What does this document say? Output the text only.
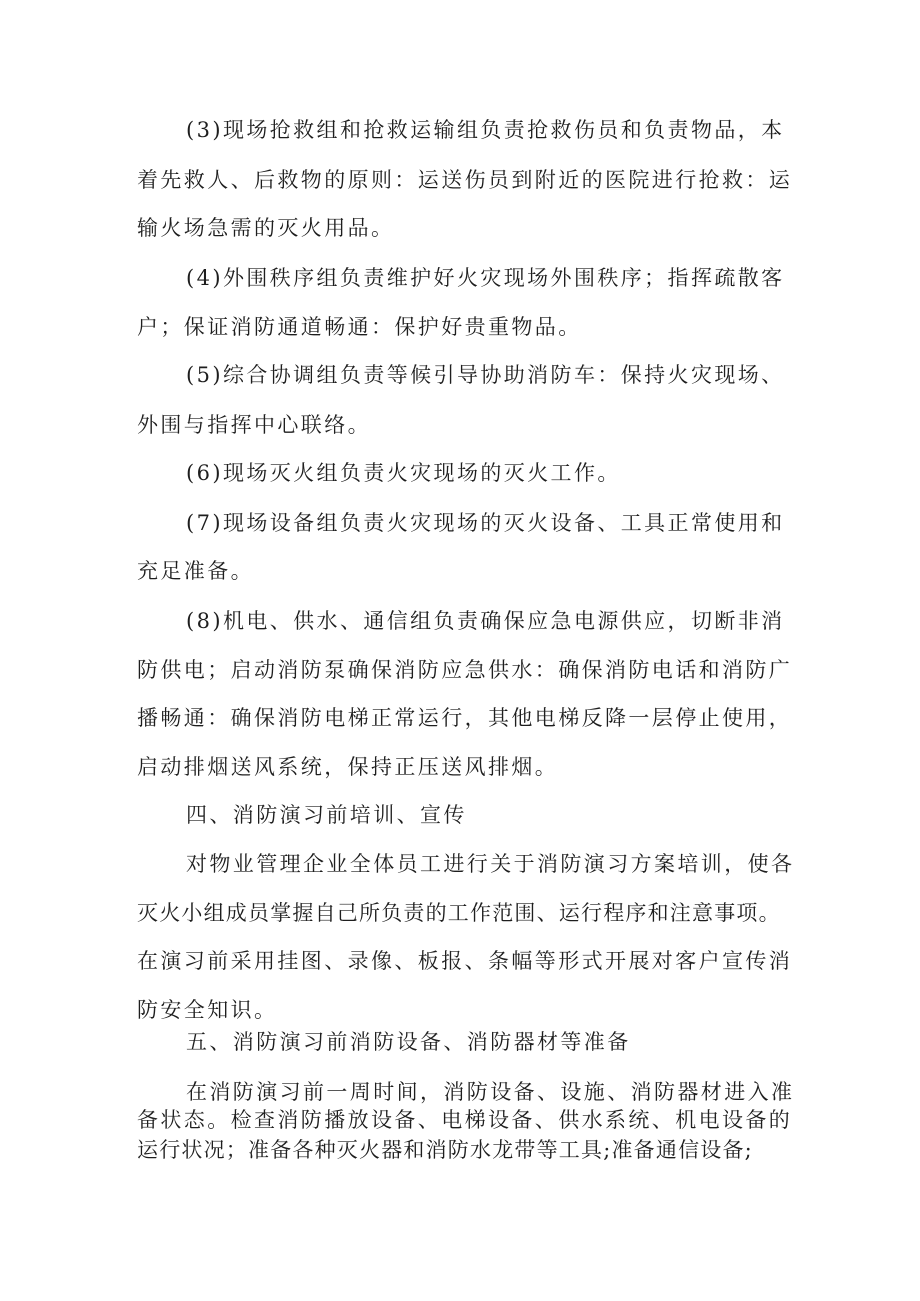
(3)现场抢救组和抢救运输组负责抢救伤员和负责物品，本
着先救人、后救物的原则：运送伤员到附近的医院进行抢救：运
输火场急需的灭火用品。
(4)外围秩序组负责维护好火灾现场外围秩序；指挥疏散客
户；保证消防通道畅通：保护好贵重物品。
(5)综合协调组负责等候引导协助消防车：保持火灾现场、
外围与指挥中心联络。
(6)现场灭火组负责火灾现场的灭火工作。
(7)现场设备组负责火灾现场的灭火设备、工具正常使用和
充足准备。
(8)机电、供水、通信组负责确保应急电源供应，切断非消
防供电；启动消防泵确保消防应急供水：确保消防电话和消防广
播畅通：确保消防电梯正常运行，其他电梯反降一层停止使用，
启动排烟送风系统，保持正压送风排烟。
四、消防演习前培训、宣传
对物业管理企业全体员工进行关于消防演习方案培训，使各
灭火小组成员掌握自己所负责的工作范围、运行程序和注意事项。
在演习前采用挂图、录像、板报、条幅等形式开展对客户宣传消
防安全知识。
五、消防演习前消防设备、消防器材等准备
在消防演习前一周时间，消防设备、设施、消防器材进入准
备状态。检查消防播放设备、电梯设备、供水系统、机电设备的
运行状况；准备各种灭火器和消防水龙带等工具;准备通信设备;
